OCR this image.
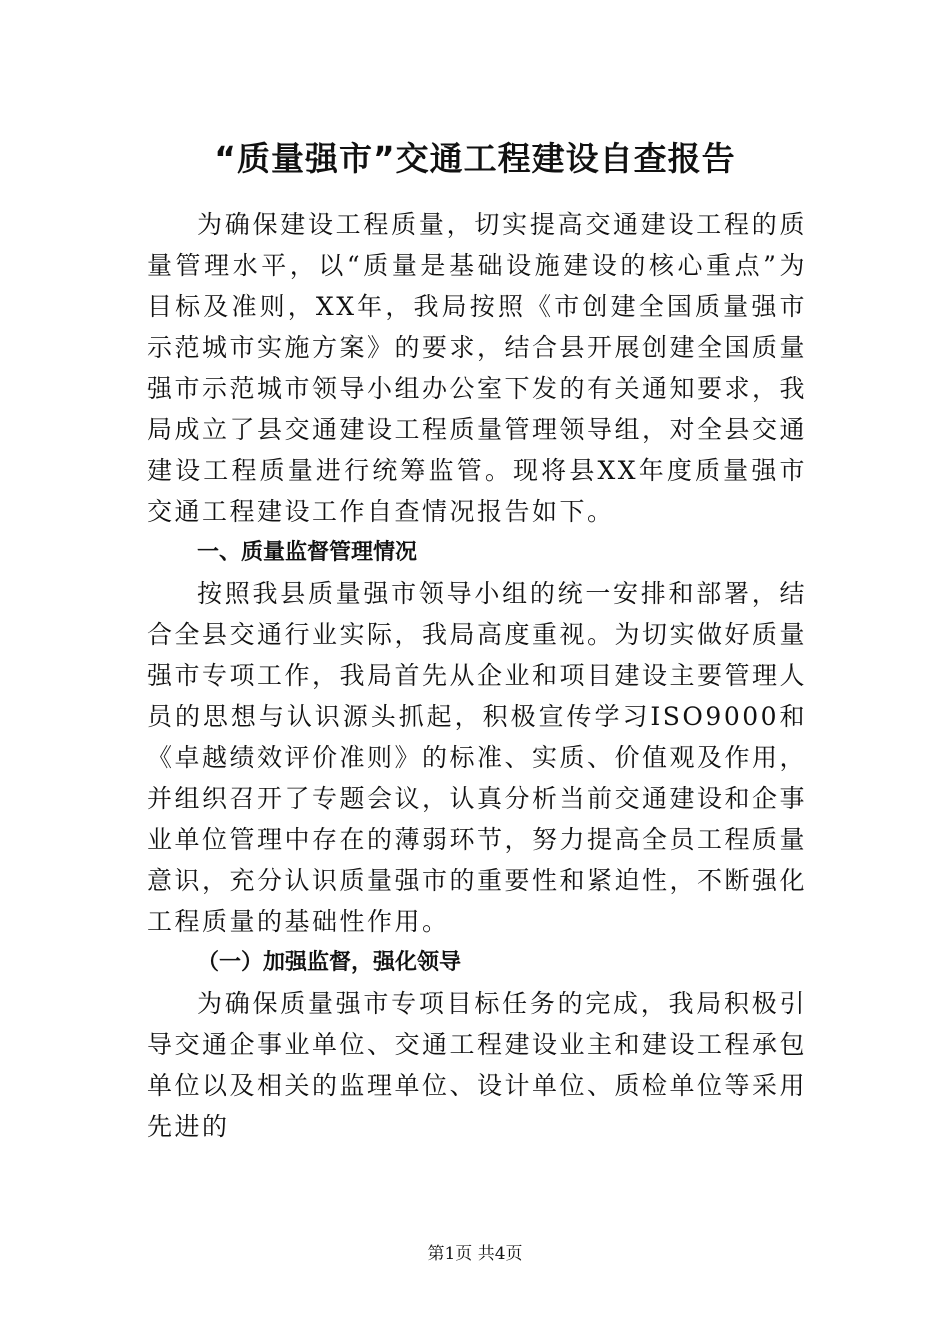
“质量强市”交通工程建设自查报告

为确保建设工程质量，切实提高交通建设工程的质量管理水平，以“质量是基础设施建设的核心重点”为目标及准则，XX年，我局按照《市创建全国质量强市示范城市实施方案》的要求，结合县开展创建全国质量强市示范城市领导小组办公室下发的有关通知要求，我局成立了县交通建设工程质量管理领导组，对全县交通建设工程质量进行统筹监管。现将县XX年度质量强市交通工程建设工作自查情况报告如下。

一、质量监督管理情况

按照我县质量强市领导小组的统一安排和部署，结合全县交通行业实际，我局高度重视。为切实做好质量强市专项工作，我局首先从企业和项目建设主要管理人员的思想与认识源头抓起，积极宣传学习ISO9000和《卓越绩效评价准则》的标准、实质、价值观及作用，并组织召开了专题会议，认真分析当前交通建设和企事业单位管理中存在的薄弱环节，努力提高全员工程质量意识，充分认识质量强市的重要性和紧迫性，不断强化工程质量的基础性作用。

（一）加强监督，强化领导

为确保质量强市专项目标任务的完成，我局积极引导交通企事业单位、交通工程建设业主和建设工程承包单位以及相关的监理单位、设计单位、质检单位等采用先进的

第1页 共4页
